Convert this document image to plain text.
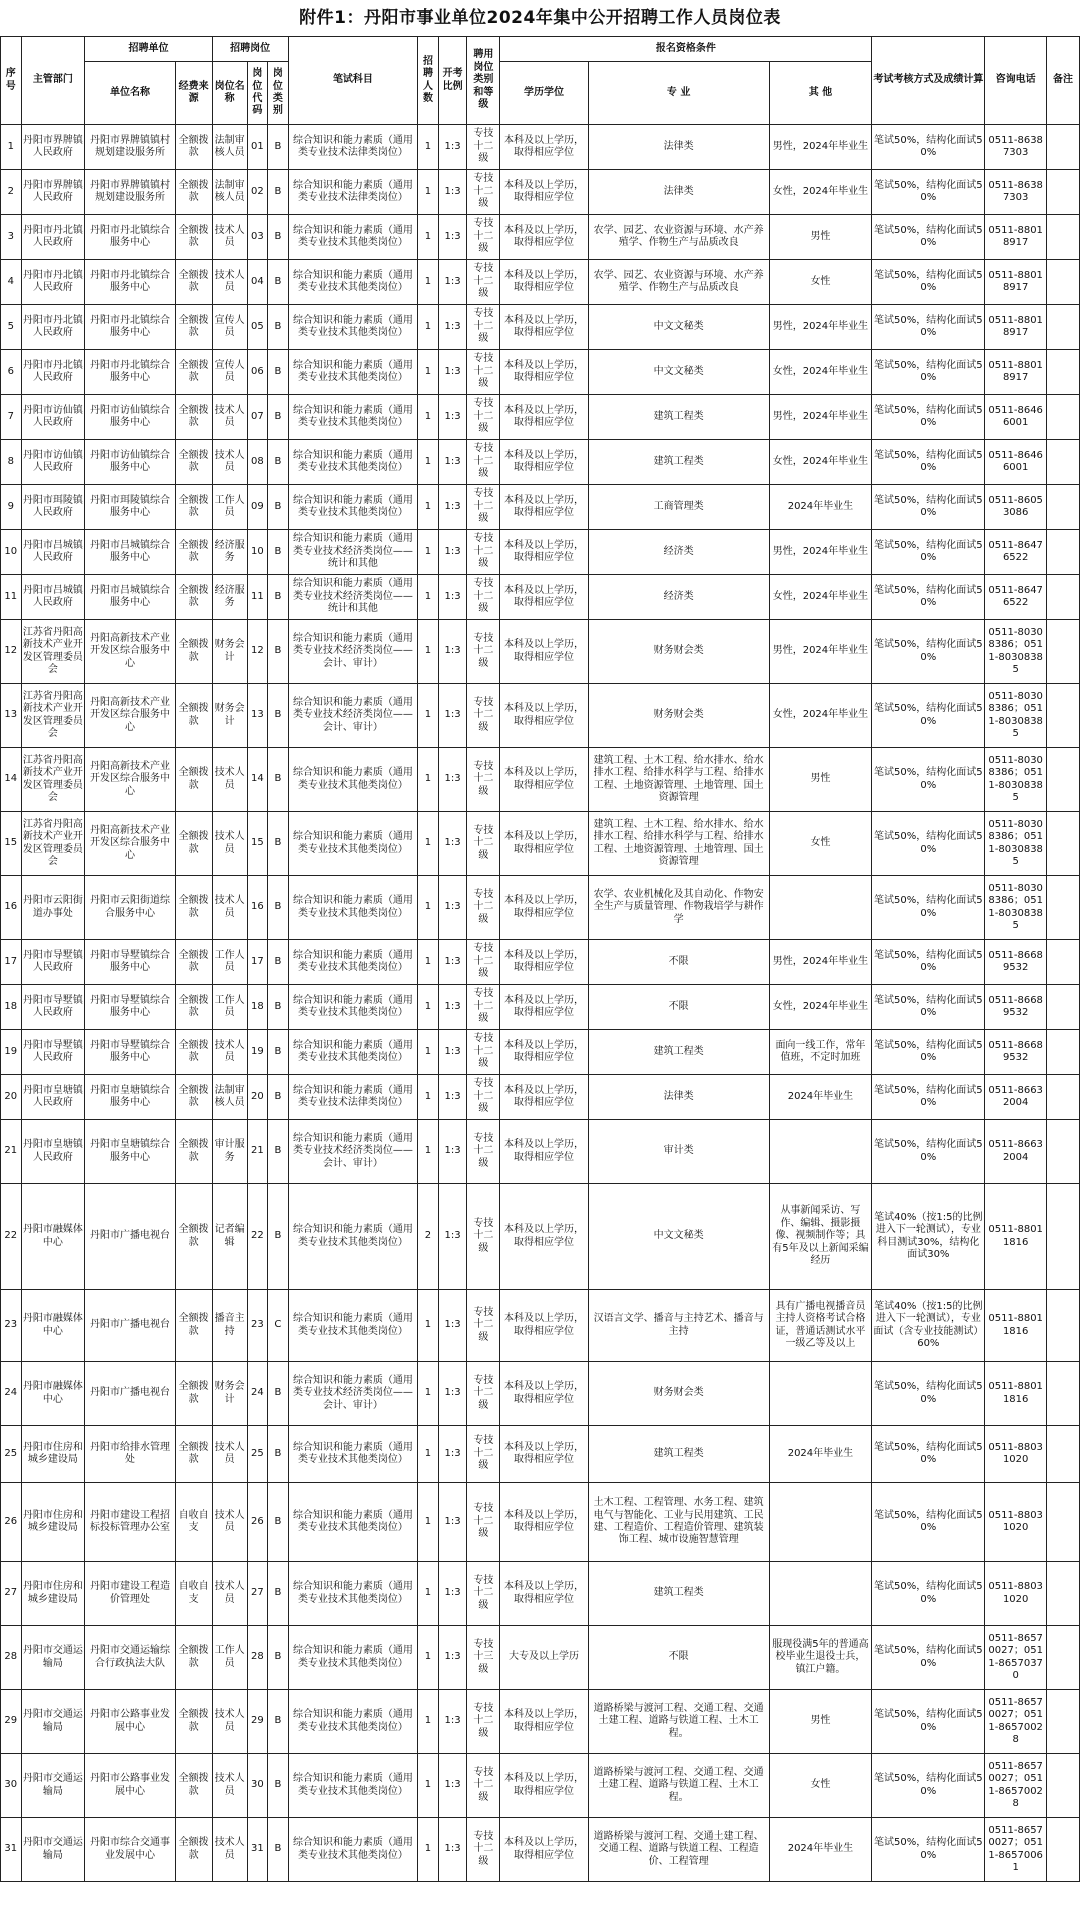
附件1：丹阳市事业单位2024年集中公开招聘工作人员岗位表
序号	主管部门	招聘单位		招聘岗位			笔试科目	招聘人数	开考比例	聘用岗位类别和等级	报名资格条件			考试考核方式及成绩计算	咨询电话	备注
		单位名称	经费来源	岗位名称	岗位代码	岗位类别					学历学位	专 业	其 他			
1	丹阳市界牌镇人民政府	丹阳市界牌镇镇村规划建设服务所	全额拨款	法制审核人员	01	B	综合知识和能力素质（通用类专业技术法律类岗位）	1	1:3	专技十二级	本科及以上学历，取得相应学位	法律类	男性，2024年毕业生	笔试50%，结构化面试50%	0511-86387303	
2	丹阳市界牌镇人民政府	丹阳市界牌镇镇村规划建设服务所	全额拨款	法制审核人员	02	B	综合知识和能力素质（通用类专业技术法律类岗位）	1	1:3	专技十二级	本科及以上学历，取得相应学位	法律类	女性，2024年毕业生	笔试50%，结构化面试50%	0511-86387303	
3	丹阳市丹北镇人民政府	丹阳市丹北镇综合服务中心	全额拨款	技术人员	03	B	综合知识和能力素质（通用类专业技术其他类岗位）	1	1:3	专技十二级	本科及以上学历，取得相应学位	农学、园艺、农业资源与环境、水产养殖学、作物生产与品质改良	男性	笔试50%，结构化面试50%	0511-88018917	
4	丹阳市丹北镇人民政府	丹阳市丹北镇综合服务中心	全额拨款	技术人员	04	B	综合知识和能力素质（通用类专业技术其他类岗位）	1	1:3	专技十二级	本科及以上学历，取得相应学位	农学、园艺、农业资源与环境、水产养殖学、作物生产与品质改良	女性	笔试50%，结构化面试50%	0511-88018917	
5	丹阳市丹北镇人民政府	丹阳市丹北镇综合服务中心	全额拨款	宣传人员	05	B	综合知识和能力素质（通用类专业技术其他类岗位）	1	1:3	专技十二级	本科及以上学历，取得相应学位	中文文秘类	男性，2024年毕业生	笔试50%，结构化面试50%	0511-88018917	
6	丹阳市丹北镇人民政府	丹阳市丹北镇综合服务中心	全额拨款	宣传人员	06	B	综合知识和能力素质（通用类专业技术其他类岗位）	1	1:3	专技十二级	本科及以上学历，取得相应学位	中文文秘类	女性，2024年毕业生	笔试50%，结构化面试50%	0511-88018917	
7	丹阳市访仙镇人民政府	丹阳市访仙镇综合服务中心	全额拨款	技术人员	07	B	综合知识和能力素质（通用类专业技术其他类岗位）	1	1:3	专技十二级	本科及以上学历，取得相应学位	建筑工程类	男性，2024年毕业生	笔试50%，结构化面试50%	0511-86466001	
8	丹阳市访仙镇人民政府	丹阳市访仙镇综合服务中心	全额拨款	技术人员	08	B	综合知识和能力素质（通用类专业技术其他类岗位）	1	1:3	专技十二级	本科及以上学历，取得相应学位	建筑工程类	女性，2024年毕业生	笔试50%，结构化面试50%	0511-86466001	
9	丹阳市珥陵镇人民政府	丹阳市珥陵镇综合服务中心	全额拨款	工作人员	09	B	综合知识和能力素质（通用类专业技术其他类岗位）	1	1:3	专技十二级	本科及以上学历，取得相应学位	工商管理类	2024年毕业生	笔试50%，结构化面试50%	0511-86053086	
10	丹阳市吕城镇人民政府	丹阳市吕城镇综合服务中心	全额拨款	经济服务	10	B	综合知识和能力素质（通用类专业技术经济类岗位——统计和其他	1	1:3	专技十二级	本科及以上学历，取得相应学位	经济类	男性，2024年毕业生	笔试50%，结构化面试50%	0511-86476522	
11	丹阳市吕城镇人民政府	丹阳市吕城镇综合服务中心	全额拨款	经济服务	11	B	综合知识和能力素质（通用类专业技术经济类岗位——统计和其他	1	1:3	专技十二级	本科及以上学历，取得相应学位	经济类	女性，2024年毕业生	笔试50%，结构化面试50%	0511-86476522	
12	江苏省丹阳高新技术产业开发区管理委员会	丹阳高新技术产业开发区综合服务中心	全额拨款	财务会计	12	B	综合知识和能力素质（通用类专业技术经济类岗位——会计、审计）	1	1:3	专技十二级	本科及以上学历，取得相应学位	财务财会类	男性，2024年毕业生	笔试50%，结构化面试50%	0511-80308386；0511-80308385	
13	江苏省丹阳高新技术产业开发区管理委员会	丹阳高新技术产业开发区综合服务中心	全额拨款	财务会计	13	B	综合知识和能力素质（通用类专业技术经济类岗位——会计、审计）	1	1:3	专技十二级	本科及以上学历，取得相应学位	财务财会类	女性，2024年毕业生	笔试50%，结构化面试50%	0511-80308386；0511-80308385	
14	江苏省丹阳高新技术产业开发区管理委员会	丹阳高新技术产业开发区综合服务中心	全额拨款	技术人员	14	B	综合知识和能力素质（通用类专业技术其他类岗位）	1	1:3	专技十二级	本科及以上学历，取得相应学位	建筑工程、土木工程、给水排水、给水排水工程、给排水科学与工程、给排水工程、土地资源管理、土地管理、国土资源管理	男性	笔试50%，结构化面试50%	0511-80308386；0511-80308385	
15	江苏省丹阳高新技术产业开发区管理委员会	丹阳高新技术产业开发区综合服务中心	全额拨款	技术人员	15	B	综合知识和能力素质（通用类专业技术其他类岗位）	1	1:3	专技十二级	本科及以上学历，取得相应学位	建筑工程、土木工程、给水排水、给水排水工程、给排水科学与工程、给排水工程、土地资源管理、土地管理、国土资源管理	女性	笔试50%，结构化面试50%	0511-80308386；0511-80308385	
16	丹阳市云阳街道办事处	丹阳市云阳街道综合服务中心	全额拨款	技术人员	16	B	综合知识和能力素质（通用类专业技术其他类岗位）	1	1:3	专技十二级	本科及以上学历，取得相应学位	农学、农业机械化及其自动化、作物安全生产与质量管理、作物栽培学与耕作学		笔试50%，结构化面试50%	0511-80308386；0511-80308385	
17	丹阳市导墅镇人民政府	丹阳市导墅镇综合服务中心	全额拨款	工作人员	17	B	综合知识和能力素质（通用类专业技术其他类岗位）	1	1:3	专技十二级	本科及以上学历，取得相应学位	不限	男性，2024年毕业生	笔试50%，结构化面试50%	0511-86689532	
18	丹阳市导墅镇人民政府	丹阳市导墅镇综合服务中心	全额拨款	工作人员	18	B	综合知识和能力素质（通用类专业技术其他类岗位）	1	1:3	专技十二级	本科及以上学历，取得相应学位	不限	女性，2024年毕业生	笔试50%，结构化面试50%	0511-86689532	
19	丹阳市导墅镇人民政府	丹阳市导墅镇综合服务中心	全额拨款	技术人员	19	B	综合知识和能力素质（通用类专业技术其他类岗位）	1	1:3	专技十二级	本科及以上学历，取得相应学位	建筑工程类	面向一线工作，常年值班，不定时加班	笔试50%，结构化面试50%	0511-86689532	
20	丹阳市皇塘镇人民政府	丹阳市皇塘镇综合服务中心	全额拨款	法制审核人员	20	B	综合知识和能力素质（通用类专业技术法律类岗位）	1	1:3	专技十二级	本科及以上学历，取得相应学位	法律类	2024年毕业生	笔试50%，结构化面试50%	0511-86632004	
21	丹阳市皇塘镇人民政府	丹阳市皇塘镇综合服务中心	全额拨款	审计服务	21	B	综合知识和能力素质（通用类专业技术经济类岗位——会计、审计）	1	1:3	专技十二级	本科及以上学历，取得相应学位	审计类		笔试50%，结构化面试50%	0511-86632004	
22	丹阳市融媒体中心	丹阳市广播电视台	全额拨款	记者编辑	22	B	综合知识和能力素质（通用类专业技术其他类岗位）	2	1:3	专技十二级	本科及以上学历，取得相应学位	中文文秘类	从事新闻采访、写作、编辑、摄影摄像、视频制作等；具有5年及以上新闻采编经历	笔试40%（按1:5的比例进入下一轮测试），专业科目测试30%，结构化面试30%	0511-88011816	
23	丹阳市融媒体中心	丹阳市广播电视台	全额拨款	播音主持	23	C	综合知识和能力素质（通用类专业技术其他类岗位）	1	1:3	专技十二级	本科及以上学历，取得相应学位	汉语言文学、播音与主持艺术、播音与主持	具有广播电视播音员主持人资格考试合格证，普通话测试水平一级乙等及以上	笔试40%（按1:5的比例进入下一轮测试），专业面试（含专业技能测试）60%	0511-88011816	
24	丹阳市融媒体中心	丹阳市广播电视台	全额拨款	财务会计	24	B	综合知识和能力素质（通用类专业技术经济类岗位——会计、审计）	1	1:3	专技十二级	本科及以上学历，取得相应学位	财务财会类		笔试50%，结构化面试50%	0511-88011816	
25	丹阳市住房和城乡建设局	丹阳市给排水管理处	全额拨款	技术人员	25	B	综合知识和能力素质（通用类专业技术其他类岗位）	1	1:3	专技十二级	本科及以上学历，取得相应学位	建筑工程类	2024年毕业生	笔试50%，结构化面试50%	0511-88031020	
26	丹阳市住房和城乡建设局	丹阳市建设工程招标投标管理办公室	自收自支	技术人员	26	B	综合知识和能力素质（通用类专业技术其他类岗位）	1	1:3	专技十二级	本科及以上学历，取得相应学位	土木工程、工程管理、水务工程、建筑电气与智能化、工业与民用建筑、工民建、工程造价、工程造价管理、建筑装饰工程、城市设施智慧管理		笔试50%，结构化面试50%	0511-88031020	
27	丹阳市住房和城乡建设局	丹阳市建设工程造价管理处	自收自支	技术人员	27	B	综合知识和能力素质（通用类专业技术其他类岗位）	1	1:3	专技十二级	本科及以上学历，取得相应学位	建筑工程类		笔试50%，结构化面试50%	0511-88031020	
28	丹阳市交通运输局	丹阳市交通运输综合行政执法大队	全额拨款	工作人员	28	B	综合知识和能力素质（通用类专业技术其他类岗位）	1	1:3	专技十三级	大专及以上学历	不限	服现役满5年的普通高校毕业生退役士兵，镇江户籍。	笔试50%，结构化面试50%	0511-86570027；0511-86570370	
29	丹阳市交通运输局	丹阳市公路事业发展中心	全额拨款	技术人员	29	B	综合知识和能力素质（通用类专业技术其他类岗位）	1	1:3	专技十二级	本科及以上学历，取得相应学位	道路桥梁与渡河工程、交通工程、交通土建工程、道路与铁道工程、土木工程。	男性	笔试50%，结构化面试50%	0511-86570027；0511-86570028	
30	丹阳市交通运输局	丹阳市公路事业发展中心	全额拨款	技术人员	30	B	综合知识和能力素质（通用类专业技术其他类岗位）	1	1:3	专技十二级	本科及以上学历，取得相应学位	道路桥梁与渡河工程、交通工程、交通土建工程、道路与铁道工程、土木工程。	女性	笔试50%，结构化面试50%	0511-86570027；0511-86570028	
31	丹阳市交通运输局	丹阳市综合交通事业发展中心	全额拨款	技术人员	31	B	综合知识和能力素质（通用类专业技术其他类岗位）	1	1:3	专技十二级	本科及以上学历，取得相应学位	道路桥梁与渡河工程、交通土建工程、交通工程、道路与铁道工程、工程造价、工程管理	2024年毕业生	笔试50%，结构化面试50%	0511-86570027；0511-86570061	
